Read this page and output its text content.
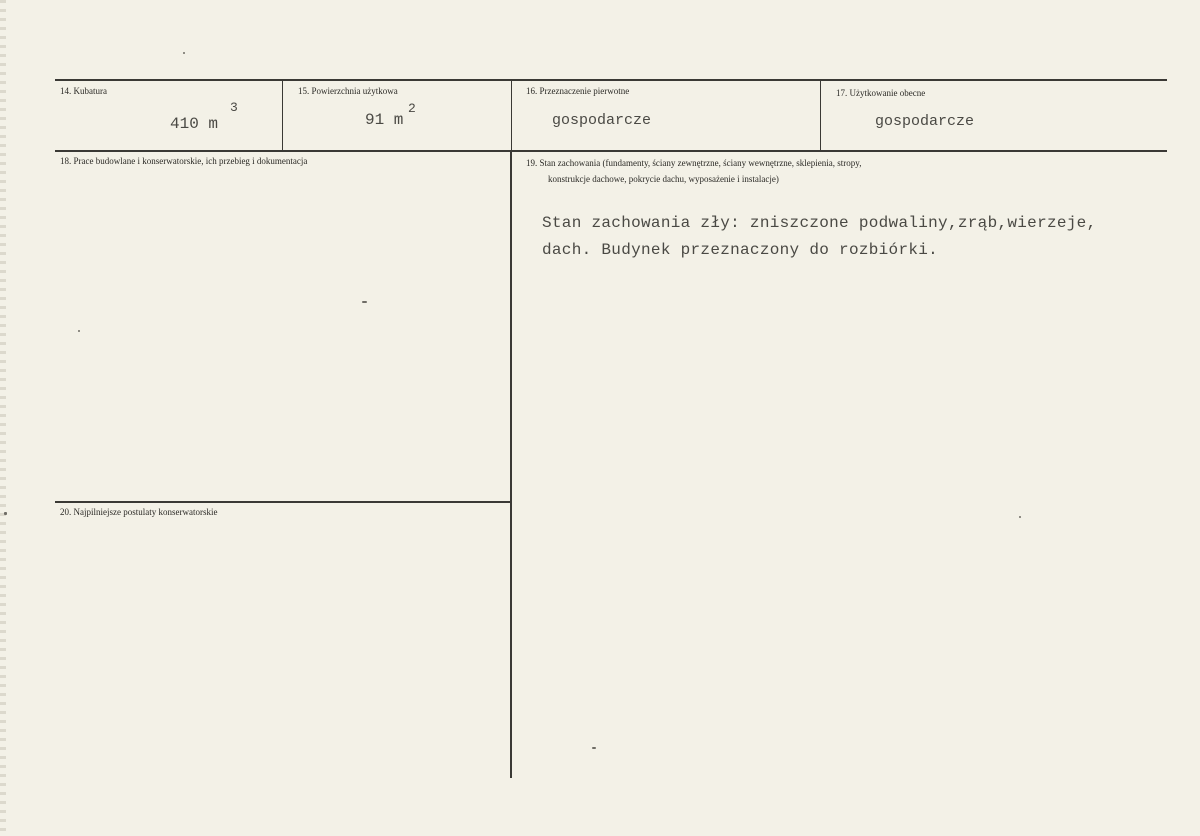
14. Kubatura
410 m
3
15. Powierzchnia użytkowa
91 m
2
16. Przeznaczenie pierwotne
gospodarcze
17. Użytkowanie obecne
gospodarcze
18. Prace budowlane i konserwatorskie, ich przebieg i dokumentacja	19. Stan zachowania (fundamenty, ściany zewnętrzne, ściany wewnętrzne, sklepienia, stropy,
konstrukcje dachowe, pokrycie dachu, wyposażenie i instalacje)
Stan zachowania zły: zniszczone podwaliny,zrąb,wierzeje,
dach. Budynek przeznaczony do rozbiórki.
20. Najpilniejsze postulaty konserwatorskie
